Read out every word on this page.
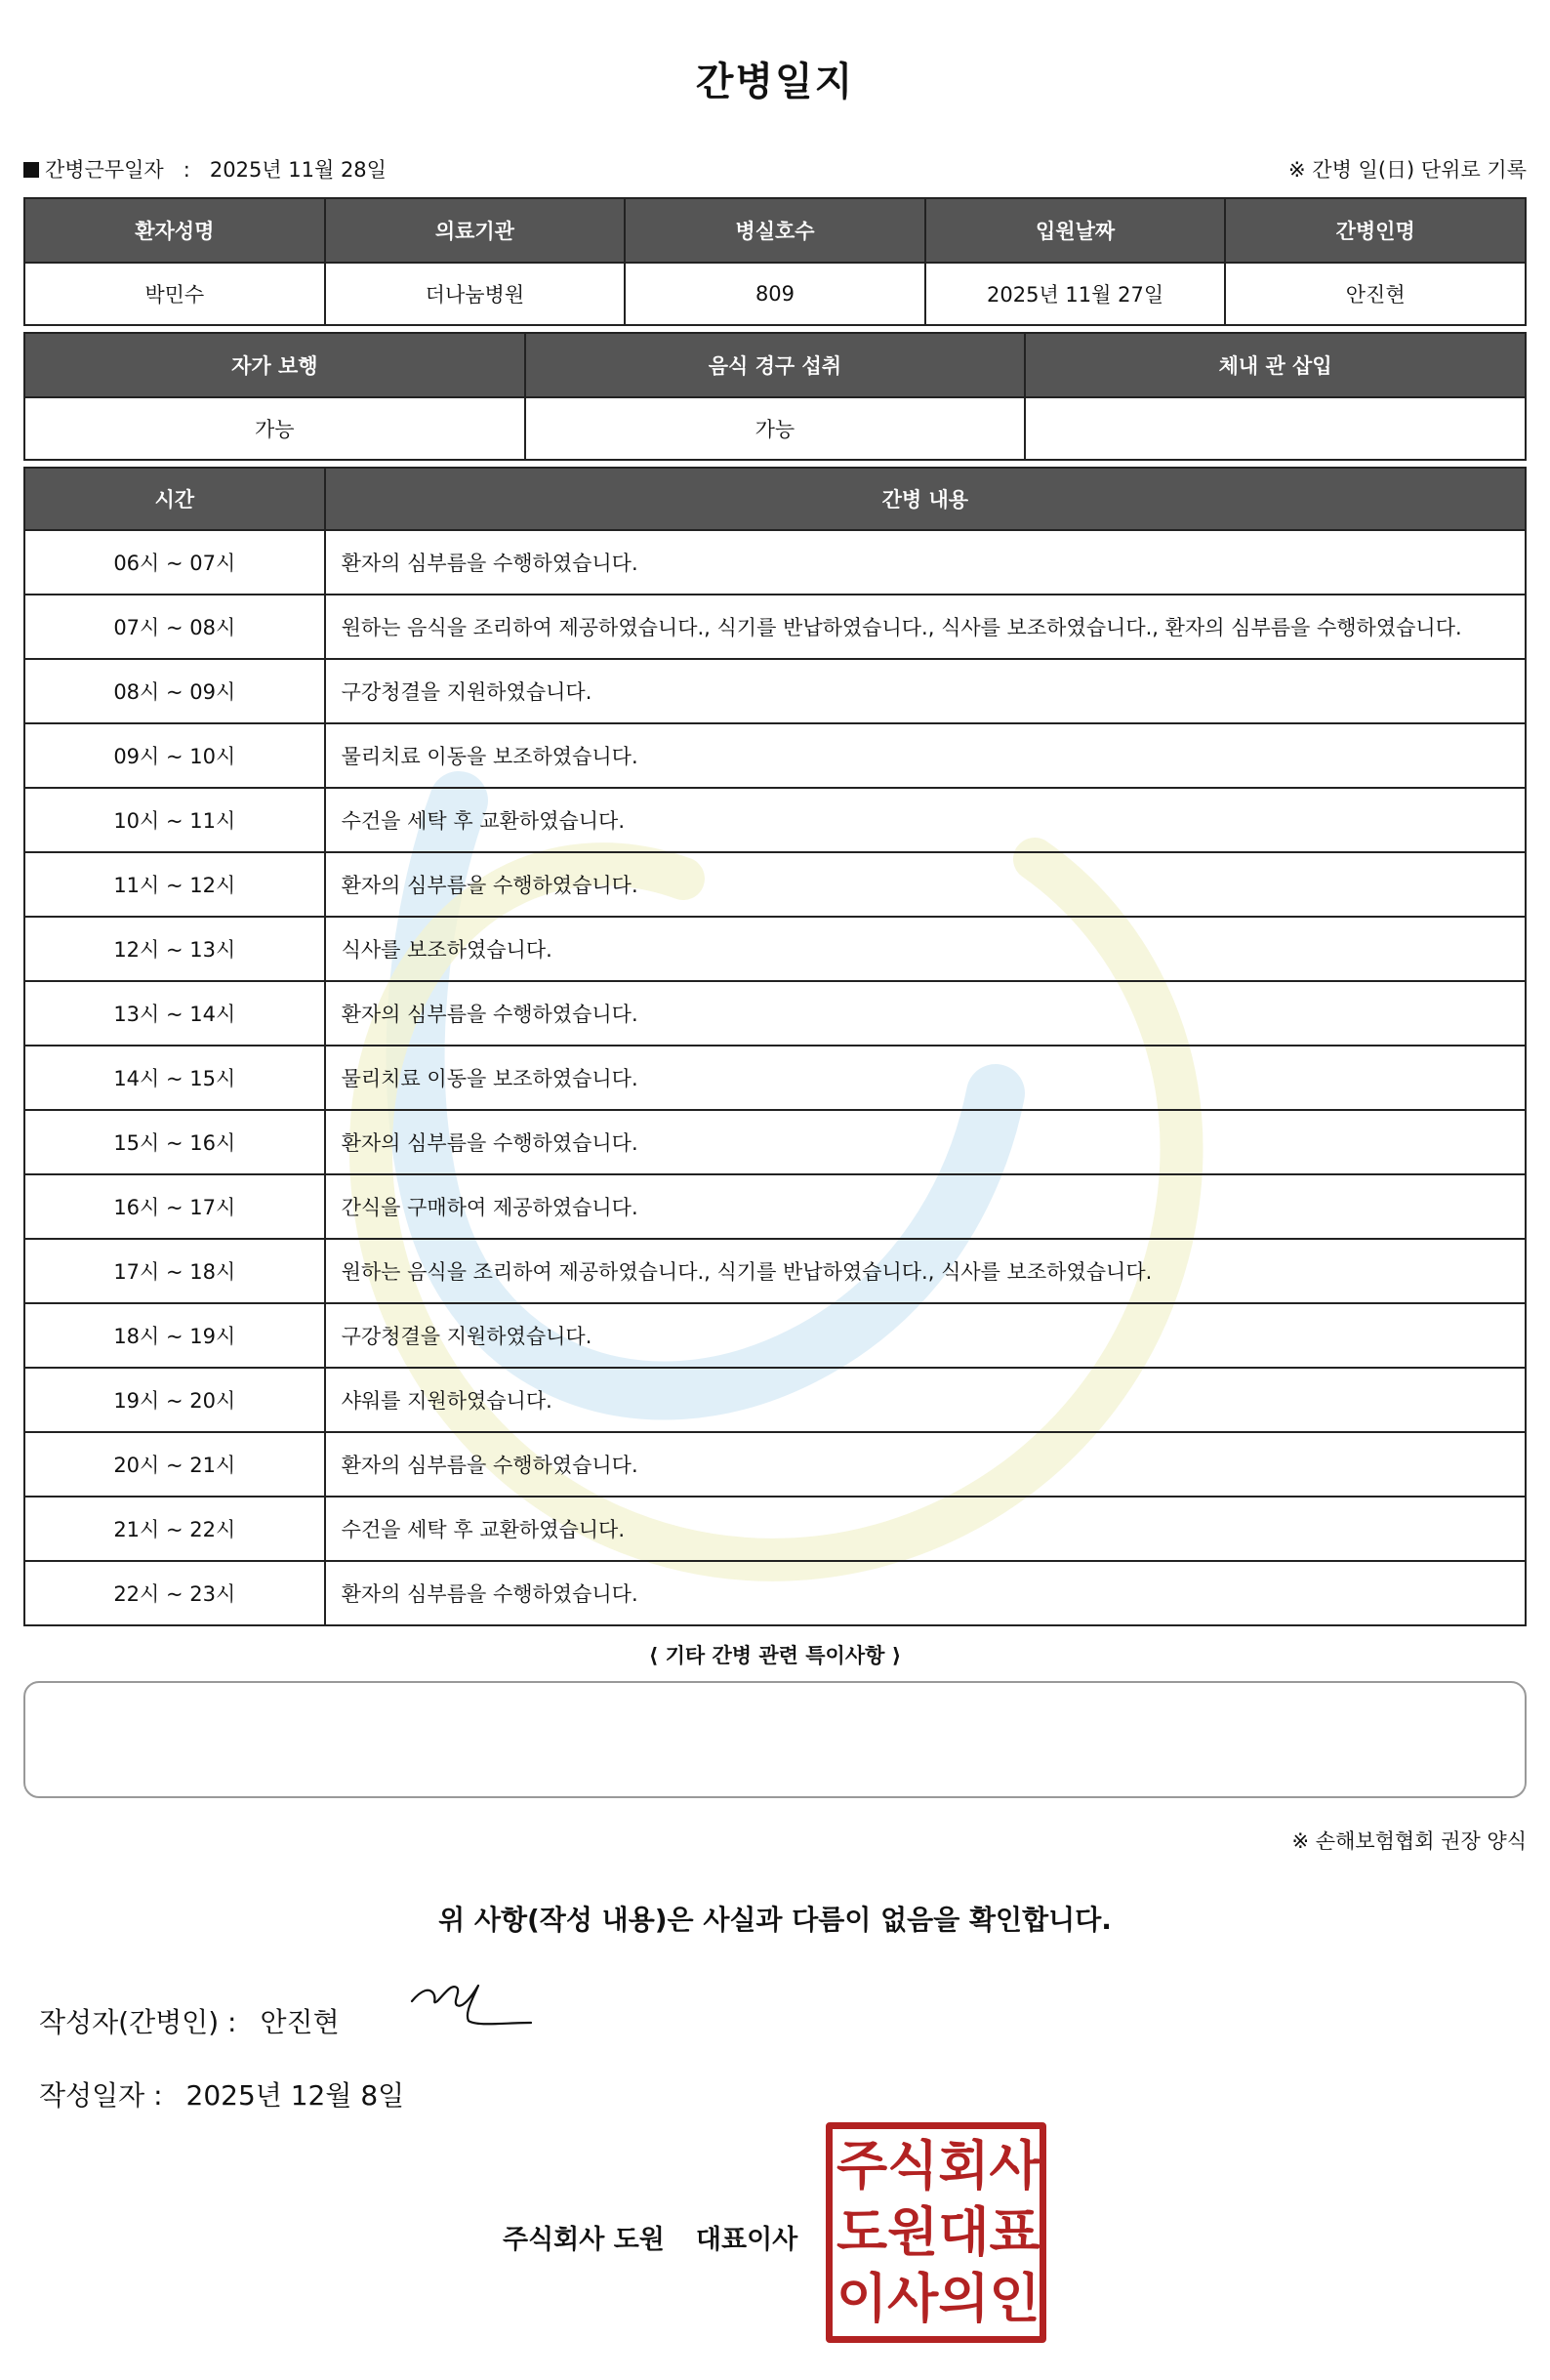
간병일지
간병근무일자 : 2025년 11월 28일	※ 간병 일(日) 단위로 기록
환자성명	의료기관	병실호수	입원날짜	간병인명
박민수	더나눔병원	809	2025년 11월 27일	안진현
자가 보행	음식 경구 섭취	체내 관 삽입
가능	가능	
시간	간병 내용
06시 ~ 07시	환자의 심부름을 수행하였습니다.
07시 ~ 08시	원하는 음식을 조리하여 제공하였습니다., 식기를 반납하였습니다., 식사를 보조하였습니다., 환자의 심부름을 수행하였습니다.
08시 ~ 09시	구강청결을 지원하였습니다.
09시 ~ 10시	물리치료 이동을 보조하였습니다.
10시 ~ 11시	수건을 세탁 후 교환하였습니다.
11시 ~ 12시	환자의 심부름을 수행하였습니다.
12시 ~ 13시	식사를 보조하였습니다.
13시 ~ 14시	환자의 심부름을 수행하였습니다.
14시 ~ 15시	물리치료 이동을 보조하였습니다.
15시 ~ 16시	환자의 심부름을 수행하였습니다.
16시 ~ 17시	간식을 구매하여 제공하였습니다.
17시 ~ 18시	원하는 음식을 조리하여 제공하였습니다., 식기를 반납하였습니다., 식사를 보조하였습니다.
18시 ~ 19시	구강청결을 지원하였습니다.
19시 ~ 20시	샤워를 지원하였습니다.
20시 ~ 21시	환자의 심부름을 수행하였습니다.
21시 ~ 22시	수건을 세탁 후 교환하였습니다.
22시 ~ 23시	환자의 심부름을 수행하였습니다.
⟨ 기타 간병 관련 특이사항 ⟩
※ 손해보험협회 권장 양식
위 사항(작성 내용)은 사실과 다름이 없음을 확인합니다.
작성자(간병인) : 안진현
작성일자 : 2025년 12월 8일
주식회사 도원 대표이사
주 식 회 사
도 원 대 표
이 사 의 인
